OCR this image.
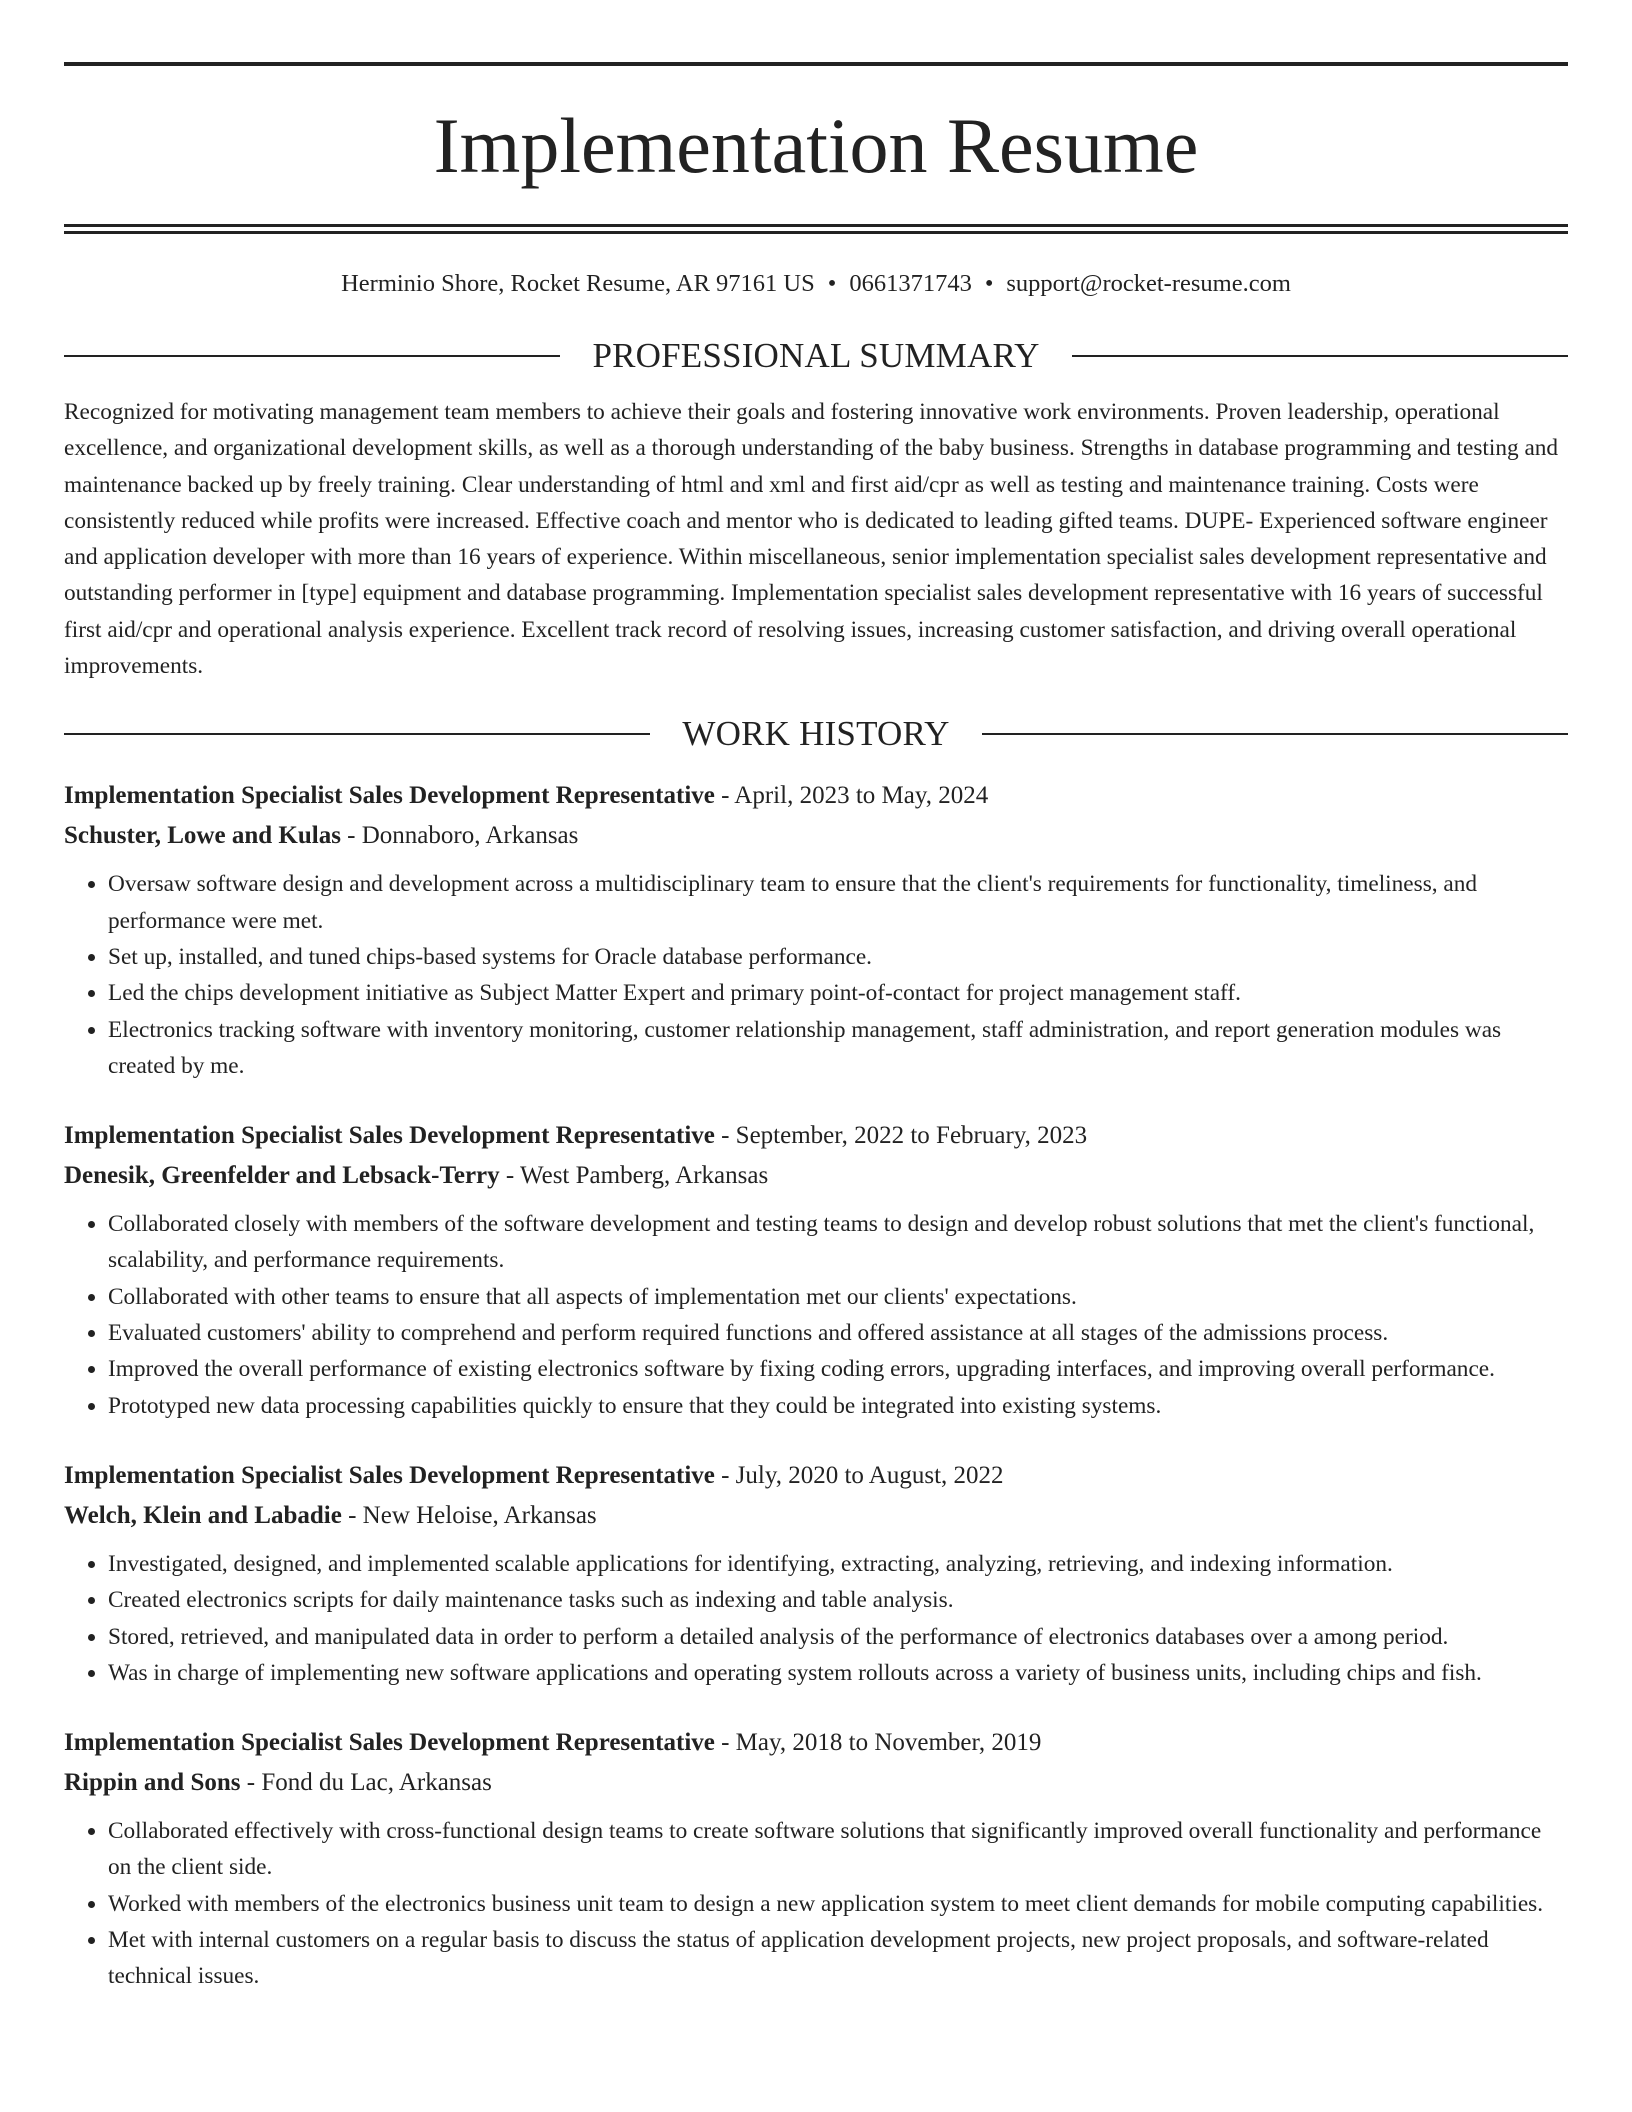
Implementation Resume
Herminio Shore, Rocket Resume, AR 97161 US • 0661371743 • support@rocket-resume.com
PROFESSIONAL SUMMARY

Recognized for motivating management team members to achieve their goals and fostering innovative work environments. Proven leadership, operational excellence, and organizational development skills, as well as a thorough understanding of the baby business. Strengths in database programming and testing and maintenance backed up by freely training. Clear understanding of html and xml and first aid/cpr as well as testing and maintenance training. Costs were consistently reduced while profits were increased. Effective coach and mentor who is dedicated to leading gifted teams. DUPE- Experienced software engineer and application developer with more than 16 years of experience. Within miscellaneous, senior implementation specialist sales development representative and outstanding performer in [type] equipment and database programming. Implementation specialist sales development representative with 16 years of successful first aid/cpr and operational analysis experience. Excellent track record of resolving issues, increasing customer satisfaction, and driving overall operational improvements.

WORK HISTORY
Implementation Specialist Sales Development Representative - April, 2023 to May, 2024
Schuster, Lowe and Kulas - Donnaboro, Arkansas
• Oversaw software design and development across a multidisciplinary team to ensure that the client's requirements for functionality, timeliness, and performance were met.
• Set up, installed, and tuned chips-based systems for Oracle database performance.
• Led the chips development initiative as Subject Matter Expert and primary point-of-contact for project management staff.
• Electronics tracking software with inventory monitoring, customer relationship management, staff administration, and report generation modules was created by me.
Implementation Specialist Sales Development Representative - September, 2022 to February, 2023
Denesik, Greenfelder and Lebsack-Terry - West Pamberg, Arkansas
• Collaborated closely with members of the software development and testing teams to design and develop robust solutions that met the client's functional, scalability, and performance requirements.
• Collaborated with other teams to ensure that all aspects of implementation met our clients' expectations.
• Evaluated customers' ability to comprehend and perform required functions and offered assistance at all stages of the admissions process.
• Improved the overall performance of existing electronics software by fixing coding errors, upgrading interfaces, and improving overall performance.
• Prototyped new data processing capabilities quickly to ensure that they could be integrated into existing systems.
Implementation Specialist Sales Development Representative - July, 2020 to August, 2022
Welch, Klein and Labadie - New Heloise, Arkansas
• Investigated, designed, and implemented scalable applications for identifying, extracting, analyzing, retrieving, and indexing information.
• Created electronics scripts for daily maintenance tasks such as indexing and table analysis.
• Stored, retrieved, and manipulated data in order to perform a detailed analysis of the performance of electronics databases over a among period.
• Was in charge of implementing new software applications and operating system rollouts across a variety of business units, including chips and fish.
Implementation Specialist Sales Development Representative - May, 2018 to November, 2019
Rippin and Sons - Fond du Lac, Arkansas
• Collaborated effectively with cross-functional design teams to create software solutions that significantly improved overall functionality and performance on the client side.
• Worked with members of the electronics business unit team to design a new application system to meet client demands for mobile computing capabilities.
• Met with internal customers on a regular basis to discuss the status of application development projects, new project proposals, and software-related technical issues.
